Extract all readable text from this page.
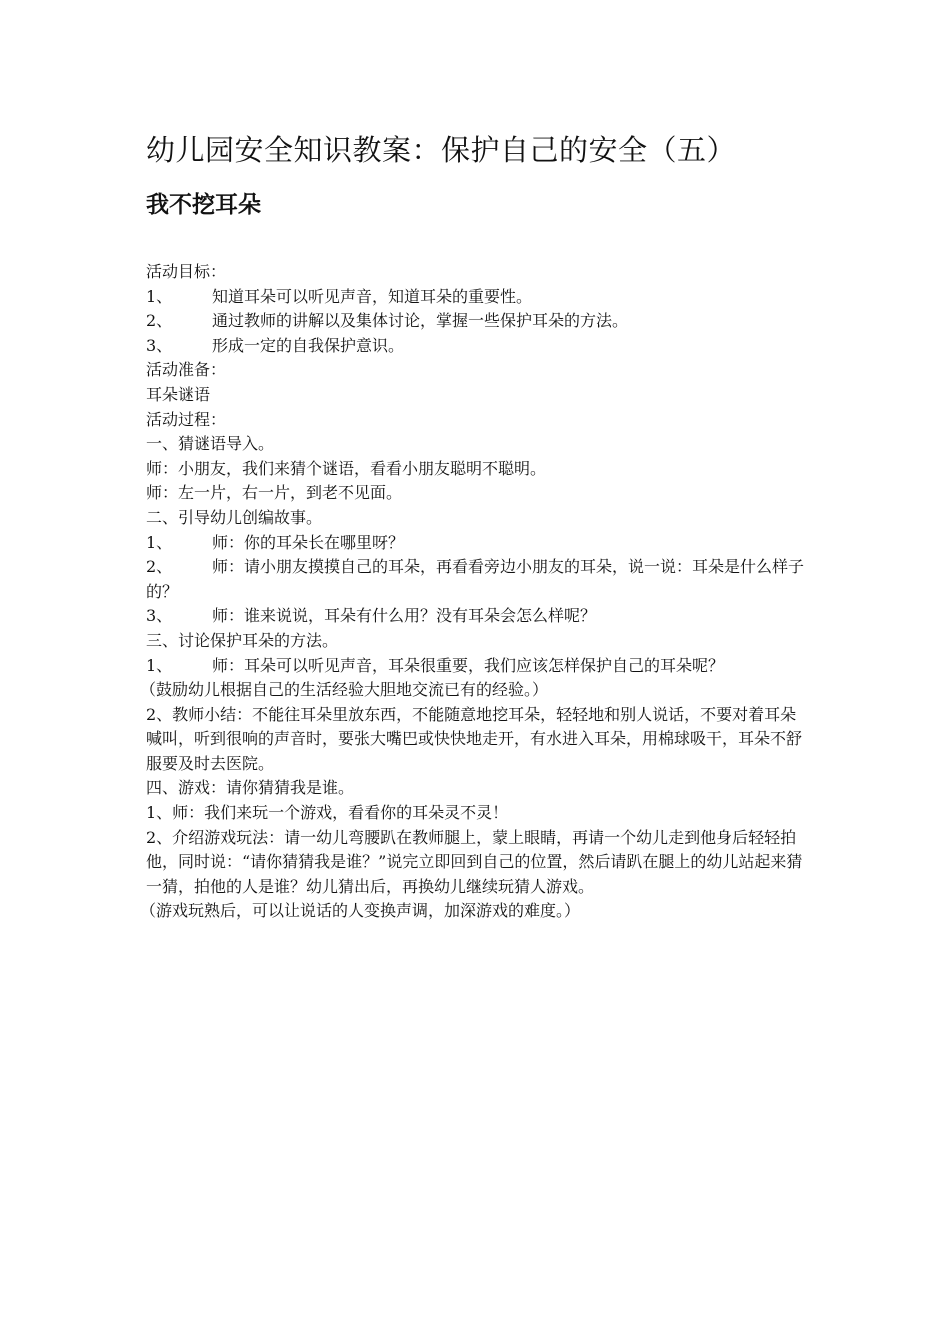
幼儿园安全知识教案：保护自己的安全（五）
我不挖耳朵
活动目标：
1、 知道耳朵可以听见声音，知道耳朵的重要性。
2、 通过教师的讲解以及集体讨论，掌握一些保护耳朵的方法。
3、 形成一定的自我保护意识。
活动准备：
耳朵谜语
活动过程：
一、猜谜语导入。
师：小朋友，我们来猜个谜语，看看小朋友聪明不聪明。
师：左一片，右一片，到老不见面。
二、引导幼儿创编故事。
1、 师：你的耳朵长在哪里呀？
2、 师：请小朋友摸摸自己的耳朵，再看看旁边小朋友的耳朵，说一说：耳朵是什么样子的？
3、 师：谁来说说，耳朵有什么用？没有耳朵会怎么样呢？
三、讨论保护耳朵的方法。
1、 师：耳朵可以听见声音，耳朵很重要，我们应该怎样保护自己的耳朵呢？
（鼓励幼儿根据自己的生活经验大胆地交流已有的经验。）
2、教师小结：不能往耳朵里放东西，不能随意地挖耳朵，轻轻地和别人说话，不要对着耳朵喊叫，听到很响的声音时，要张大嘴巴或快快地走开，有水进入耳朵，用棉球吸干，耳朵不舒服要及时去医院。
四、游戏：请你猜猜我是谁。
1、师：我们来玩一个游戏，看看你的耳朵灵不灵！
2、介绍游戏玩法：请一幼儿弯腰趴在教师腿上，蒙上眼睛，再请一个幼儿走到他身后轻轻拍他，同时说：“请你猜猜我是谁？”说完立即回到自己的位置，然后请趴在腿上的幼儿站起来猜一猜，拍他的人是谁？幼儿猜出后，再换幼儿继续玩猜人游戏。
（游戏玩熟后，可以让说话的人变换声调，加深游戏的难度。）
